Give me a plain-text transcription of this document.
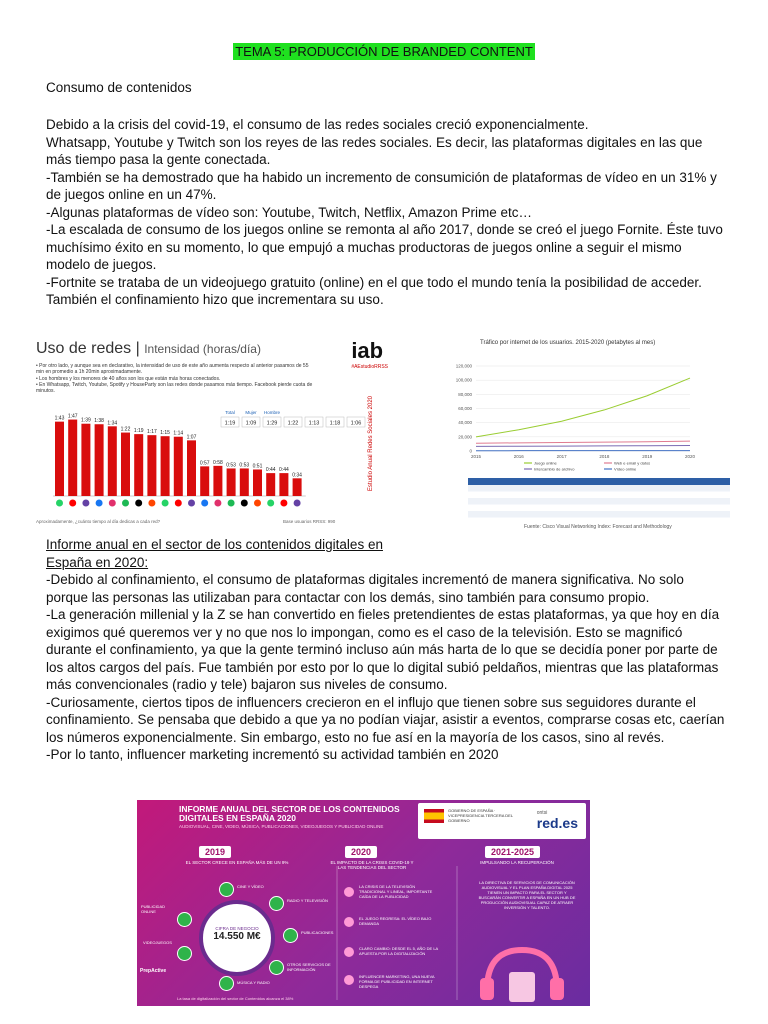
TEMA 5: PRODUCCIÓN DE BRANDED CONTENT
Consumo de contenidos

Debido a la crisis del covid-19, el consumo de las redes sociales creció exponencialmente.

Whatsapp, Youtube y Twitch son los reyes de las redes sociales. Es decir, las plataformas digitales en las que más tiempo pasa la gente conectada.

-También se ha demostrado que ha habido un incremento de consumición de plataformas de vídeo en un 31% y de juegos online en un 47%.

-Algunas plataformas de vídeo son: Youtube, Twitch, Netflix, Amazon Prime etc…

-La escalada de consumo de los juegos online se remonta al año 2017, donde se creó el juego Fornite. Éste tuvo muchísimo éxito en su momento, lo que empujó a muchas productoras de juegos online a seguir el mismo modelo de juegos.

-Fortnite se trataba de un videojuego gratuito (online) en el que todo el mundo tenía la posibilidad de acceder. También el confinamiento hizo que incrementara su uso.

Uso de redes | Intensidad (horas/día)	iab
#AEstudioRRSS
• Por otro lado, y aunque sea en declarativo, la intensidad de uso de este año aumenta respecto al anterior pasamos de 55 min en promedio a 1h 20min aproximadamente.
• Los hombres y los menores de 40 años son los que están más horas conectados.
• En Whatsapp, Twitch, Youtube, Spotify y HouseParty son las redes donde pasamos más tiempo. Facebook pierde cuota de minutos.
1:43 1:47
1:39 1:38 1:34
1:22 1:19 1:17 1:15 1:14
1:07
0:57 0:58 0:53 0:53 0:51
0:44 0:44
0:34
Total
1:19
Mujer
1:09
Hombre
1:29 1:22 1:13 1:18 1:06 Estudio Anual Redes Sociales 2020
Aproximadamente, ¿cuánto tiempo al día dedicas a cada red?	Base usuarios RRSS: 990
Tráfico por internet de los usuarios. 2015-2020 (petabytes al mes)
0
20,000
40,000
60,000
80,000
100,000
120,000
2015	2016	2017	2018	2019	2020
Juego online	Web e email y datos
Intercambio de archivo	Vídeo online
Fuente: Cisco Visual Networking Index: Forecast and Methodology

Informe anual en el sector de los contenidos digitales en España en 2020:

-Debido al confinamiento, el consumo de plataformas digitales incrementó de manera significativa. No solo porque las personas las utilizaban para contactar con los demás, sino también para consumo propio.

-La generación millenial y la Z se han convertido en fieles pretendientes de estas plataformas, ya que hoy en día exigimos qué queremos ver y no que nos lo impongan, como es el caso de la televisión. Esto se magnificó durante el confinamiento, ya que la gente terminó incluso aún más harta de lo que se decidía poner por parte de los altos cargos del país. Fue también por esto por lo que lo digital subió peldaños, mientras que las plataformas más convencionales (radio y tele) bajaron sus niveles de consumo.

-Curiosamente, ciertos tipos de influencers crecieron en el influjo que tienen sobre sus seguidores durante el confinamiento. Se pensaba que debido a que ya no podían viajar, asistir a eventos, comprarse cosas etc, caerían los números exponencialmente. Sin embargo, esto no fue así en la mayoría de los casos, sino al revés.

-Por lo tanto, influencer marketing incrementó su actividad también en 2020

INFORME ANUAL DEL SECTOR DE LOS CONTENIDOS DIGITALES EN ESPAÑA 2020
AUDIOVISUAL, CINE, VIDEO, MÚSICA, PUBLICACIONES, VIDEOJUEGOS Y PUBLICIDAD ONLINE
GOBIERNO DE ESPAÑA · VICEPRESIDENCIA TERCERA DEL GOBIERNO
ontsi
red.es
2019	2020	2021-2025
EL SECTOR CRECE EN ESPAÑA MÁS DE UN 9%	EL IMPACTO DE LA CRISIS COVID-19 Y LAS TENDENCIAS DEL SECTOR
IMPULSANDO LA RECUPERACIÓN
CIFRA DE NEGOCIO
14.550 M€
CINE Y VÍDEO
RADIO Y TELEVISIÓN
PUBLICIDAD ONLINE
PUBLICACIONES
VIDEOJUEGOS
MÚSICA Y RADIO
OTROS SERVICIOS DE INFORMACIÓN
LA CRISIS DE LA TELEVISIÓN TRADICIONAL Y LINEAL, IMPORTANTE CAÍDA DE LA PUBLICIDAD
EL JUEGO REGRESA: EL VÍDEO BAJO DEMANDA
CLARO CAMBIO: DESDE EL 5, AÑO DE LA APUESTA POR LA DIGITALIZACIÓN
INFLUENCER MARKETING, UNA NUEVA FORMA DE PUBLICIDAD EN INTERNET DESPEGA
LA DIRECTIVA DE SERVICIOS DE COMUNICACIÓN AUDIOVISUAL Y EL PLAN ESPAÑA DIGITAL 2025 TIENEN UN IMPACTO PARA EL SECTOR Y BUSCARÁN CONVERTIR A ESPAÑA EN UN HUB DE PRODUCCIÓN AUDIOVISUAL CAPAZ DE ATRAER INVERSIÓN Y TALENTO.
PrepActive
La tasa de digitalización del sector de Contenidos alcanza el 38%
